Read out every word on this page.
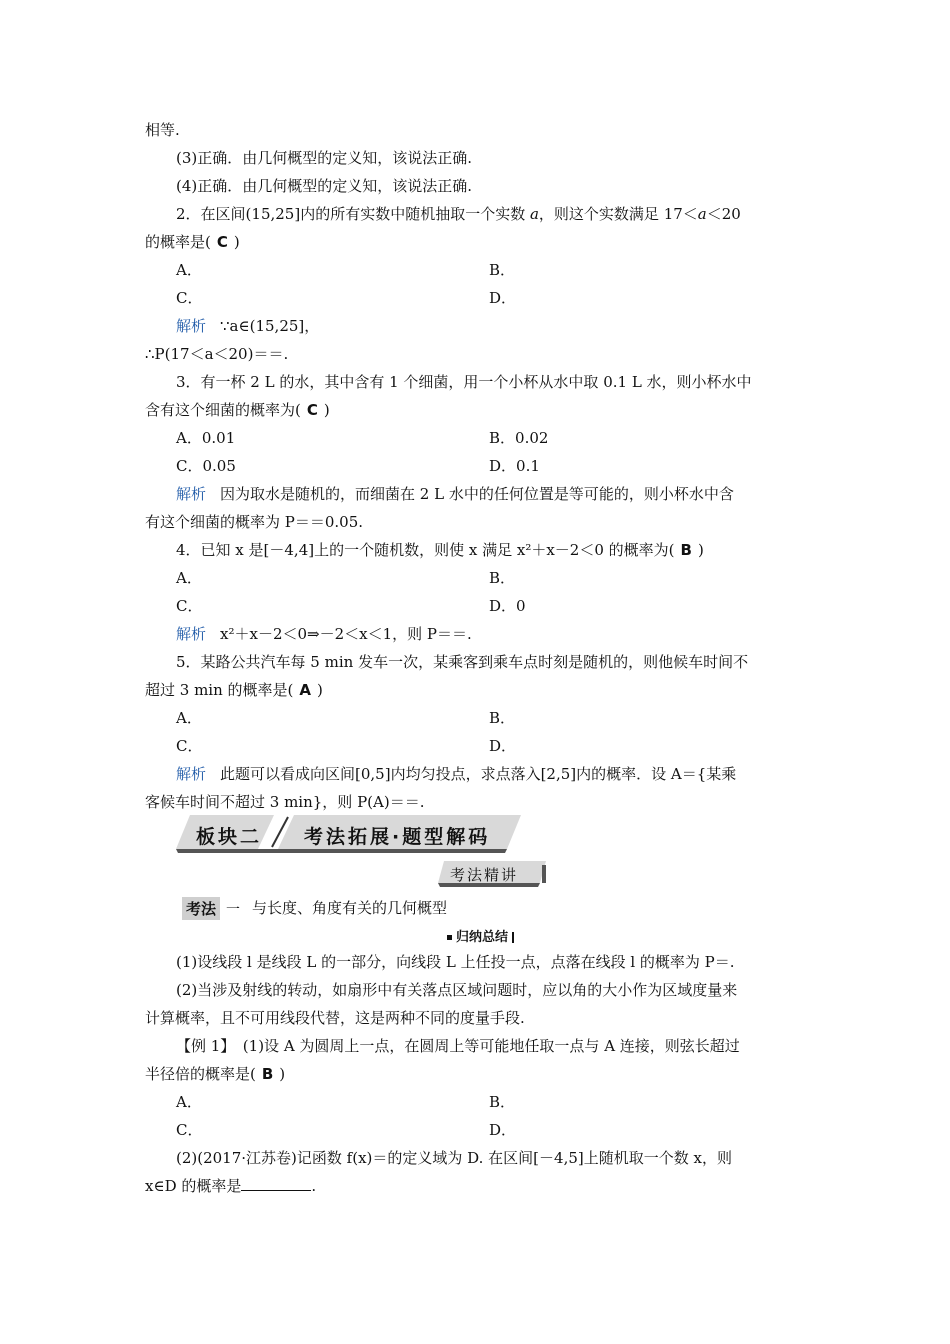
相等.
(3)正确．由几何概型的定义知，该说法正确.
(4)正确．由几何概型的定义知，该说法正确.
2．在区间(15,25]内的所有实数中随机抽取一个实数 a，则这个实数满足 17＜a＜20
的概率是( C )
A．	B．
C．	D．
解析 ∵a∈(15,25]，
∴P(17＜a＜20)＝＝.
3．有一杯 2 L 的水，其中含有 1 个细菌，用一个小杯从水中取 0.1 L 水，则小杯水中
含有这个细菌的概率为( C )
A．0.01	B．0.02
C．0.05	D．0.1
解析 因为取水是随机的，而细菌在 2 L 水中的任何位置是等可能的，则小杯水中含
有这个细菌的概率为 P＝＝0.05.
4．已知 x 是[－4,4]上的一个随机数，则使 x 满足 x²＋x－2＜0 的概率为( B )
A．	B．
C．	D．0
解析 x²＋x－2＜0⇒－2＜x＜1，则 P＝＝.
5．某路公共汽车每 5 min 发车一次，某乘客到乘车点时刻是随机的，则他候车时间不
超过 3 min 的概率是( A )
A．	B．
C．	D．
解析 此题可以看成向区间[0,5]内均匀投点，求点落入[2,5]内的概率．设 A＝{某乘
客候车时间不超过 3 min}，则 P(A)＝＝.
板块二 考法拓展·题型解码
考法精讲
考法 一 与长度、角度有关的几何概型
归纳总结
(1)设线段 l 是线段 L 的一部分，向线段 L 上任投一点，点落在线段 l 的概率为 P＝.
(2)当涉及射线的转动，如扇形中有关落点区域问题时，应以角的大小作为区域度量来
计算概率，且不可用线段代替，这是两种不同的度量手段.
【例 1】　(1)设 A 为圆周上一点，在圆周上等可能地任取一点与 A 连接，则弦长超过
半径倍的概率是( B )
A．	B．
C．	D．
(2)(2017·江苏卷)记函数 f(x)＝的定义域为 D. 在区间[－4,5]上随机取一个数 x，则
x∈D 的概率是	.
